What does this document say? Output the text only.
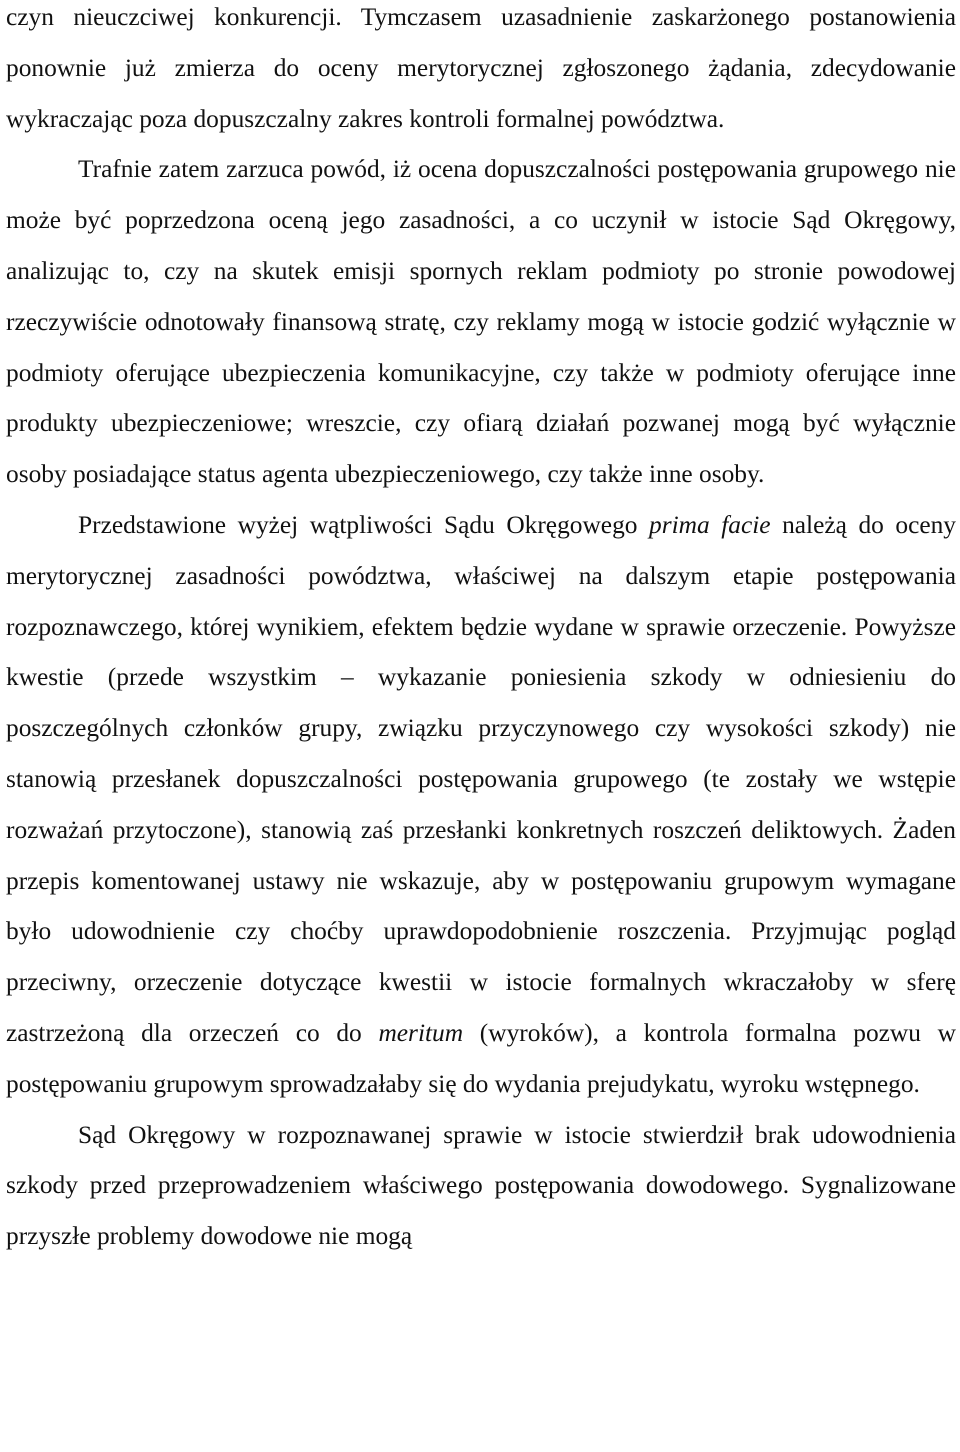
czyn nieuczciwej konkurencji. Tymczasem uzasadnienie zaskarżonego postanowienia ponownie już zmierza do oceny merytorycznej zgłoszonego żądania, zdecydowanie wykraczając poza dopuszczalny zakres kontroli formalnej powództwa.

Trafnie zatem zarzuca powód, iż ocena dopuszczalności postępowania grupowego nie może być poprzedzona oceną jego zasadności, a co uczynił w istocie Sąd Okręgowy, analizując to, czy na skutek emisji spornych reklam podmioty po stronie powodowej rzeczywiście odnotowały finansową stratę, czy reklamy mogą w istocie godzić wyłącznie w podmioty oferujące ubezpieczenia komunikacyjne, czy także w podmioty oferujące inne produkty ubezpieczeniowe; wreszcie, czy ofiarą działań pozwanej mogą być wyłącznie osoby posiadające status agenta ubezpieczeniowego, czy także inne osoby.

Przedstawione wyżej wątpliwości Sądu Okręgowego prima facie należą do oceny merytorycznej zasadności powództwa, właściwej na dalszym etapie postępowania rozpoznawczego, której wynikiem, efektem będzie wydane w sprawie orzeczenie. Powyższe kwestie (przede wszystkim – wykazanie poniesienia szkody w odniesieniu do poszczególnych członków grupy, związku przyczynowego czy wysokości szkody) nie stanowią przesłanek dopuszczalności postępowania grupowego (te zostały we wstępie rozważań przytoczone), stanowią zaś przesłanki konkretnych roszczeń deliktowych. Żaden przepis komentowanej ustawy nie wskazuje, aby w postępowaniu grupowym wymagane było udowodnienie czy choćby uprawdopodobnienie roszczenia. Przyjmując pogląd przeciwny, orzeczenie dotyczące kwestii w istocie formalnych wkraczałoby w sferę zastrzeżoną dla orzeczeń co do meritum (wyroków), a kontrola formalna pozwu w postępowaniu grupowym sprowadzałaby się do wydania prejudykatu, wyroku wstępnego.

Sąd Okręgowy w rozpoznawanej sprawie w istocie stwierdził brak udowodnienia szkody przed przeprowadzeniem właściwego postępowania dowodowego. Sygnalizowane przyszłe problemy dowodowe nie mogą
